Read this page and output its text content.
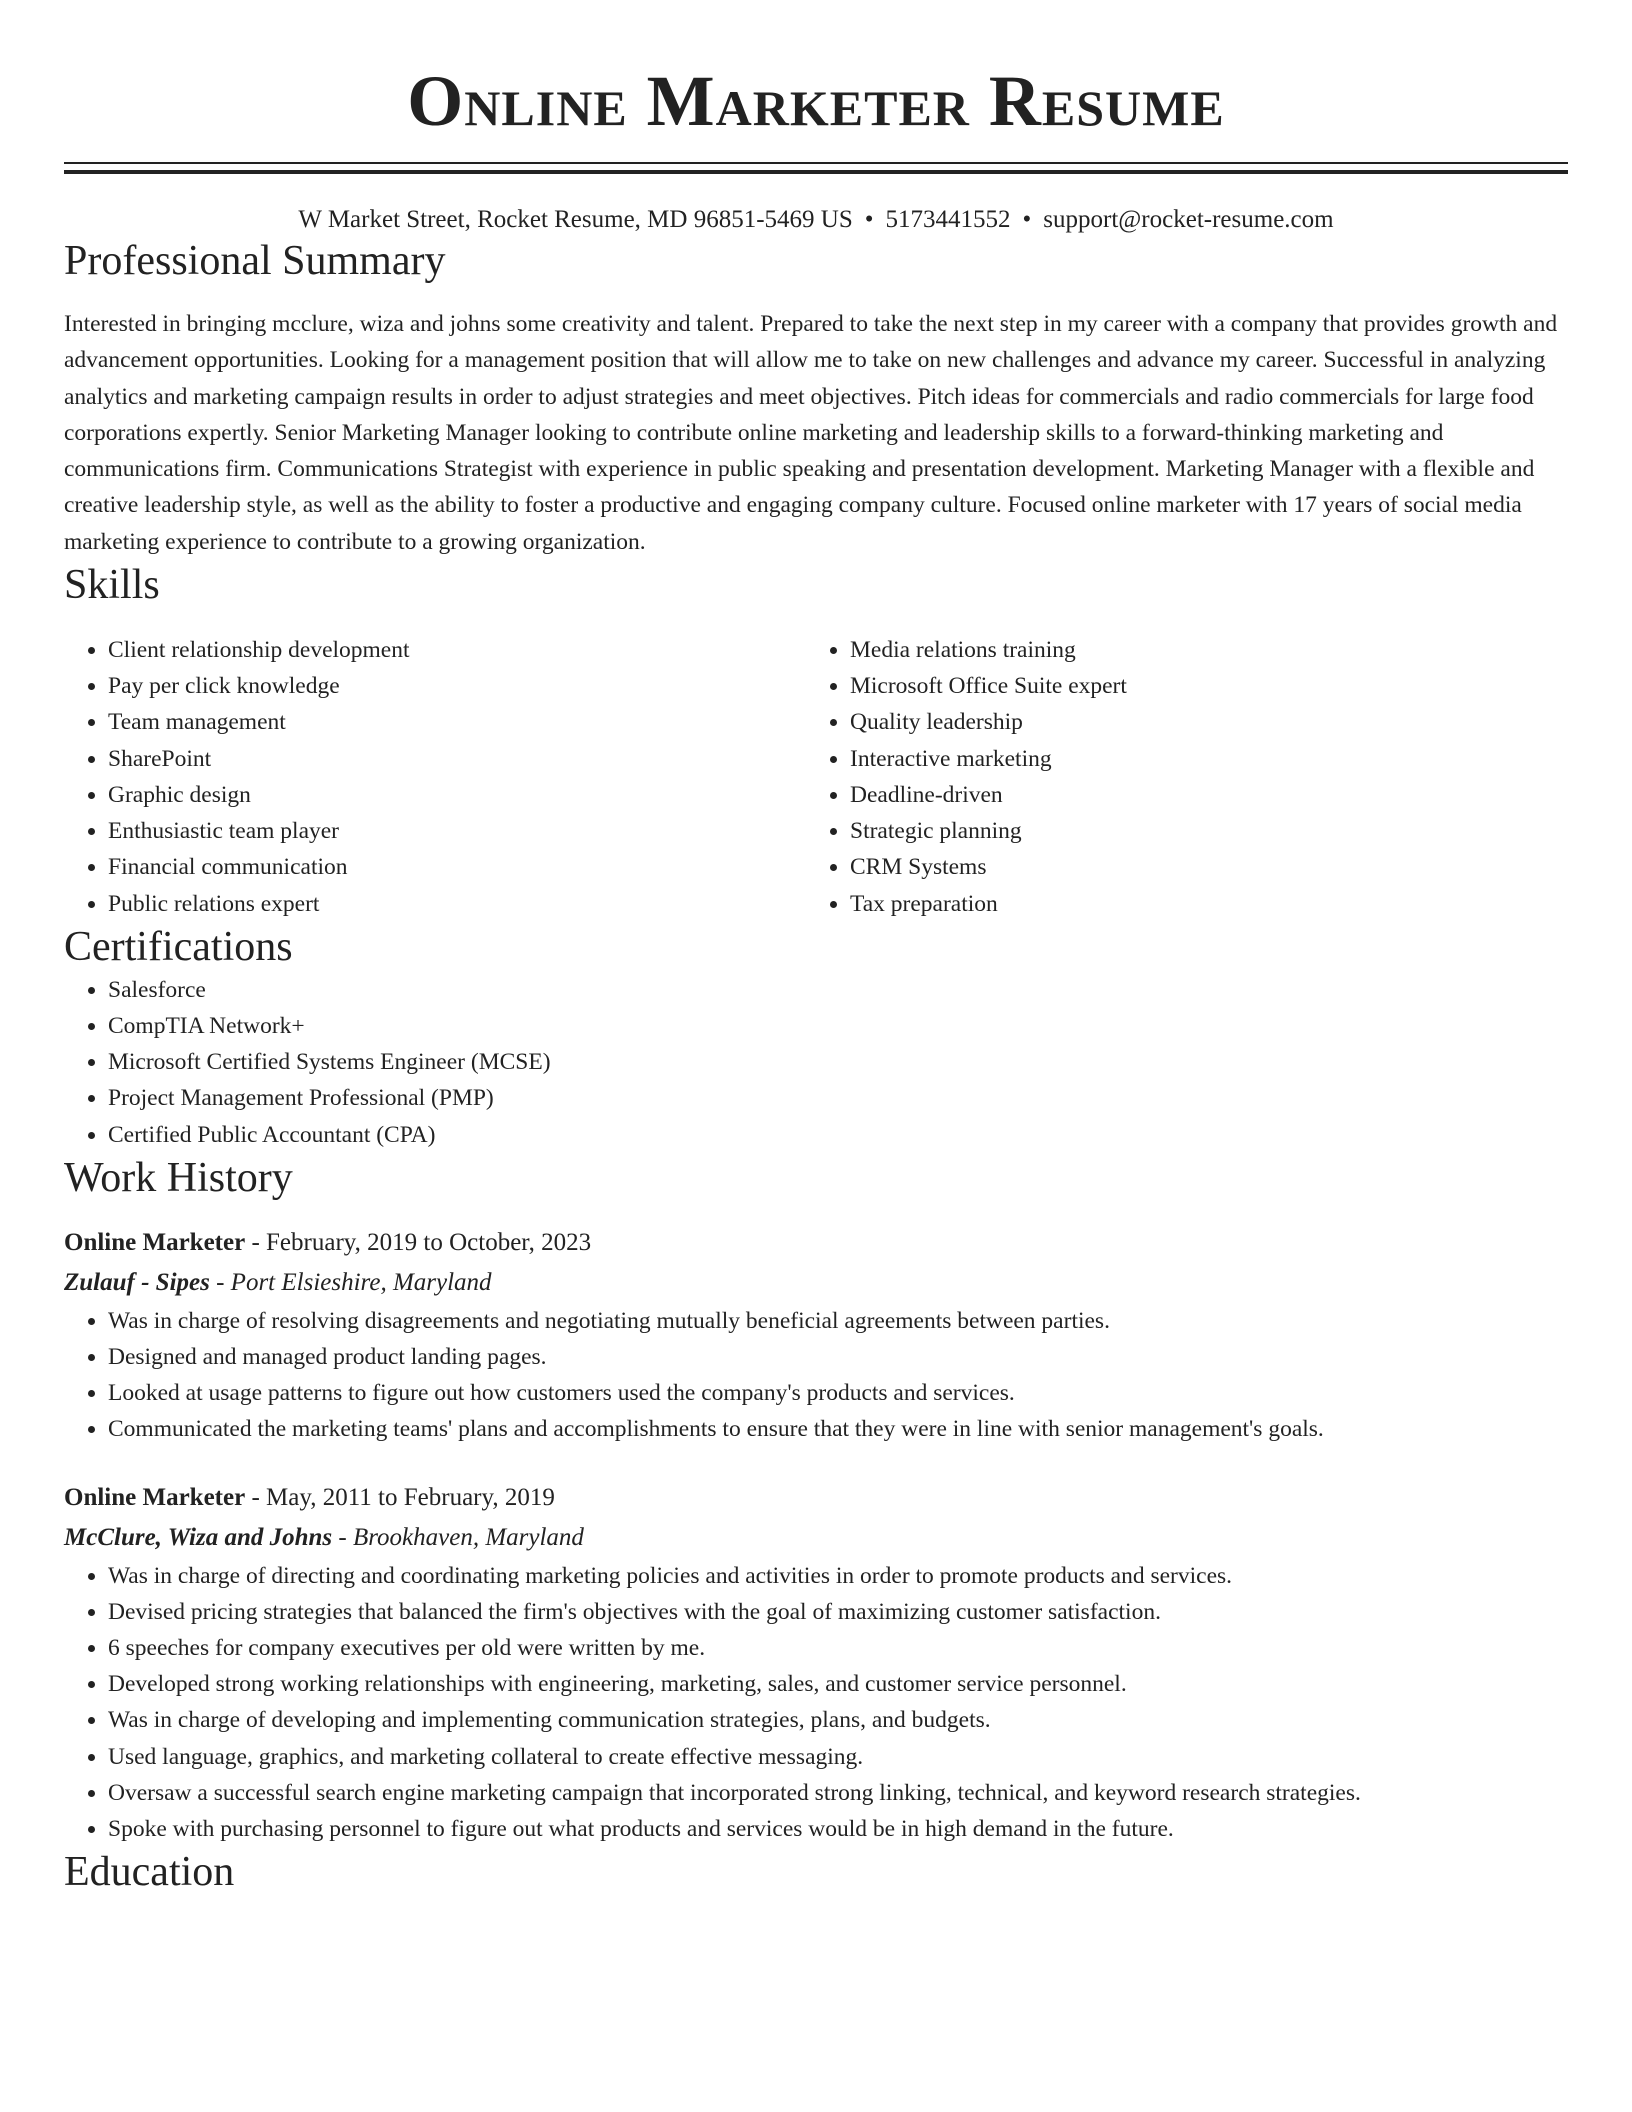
Online Marketer Resume
W Market Street, Rocket Resume, MD 96851-5469 US • 5173441552 • support@rocket-resume.com
Professional Summary
Interested in bringing mcclure, wiza and johns some creativity and talent. Prepared to take the next step in my career with a company that provides growth and advancement opportunities. Looking for a management position that will allow me to take on new challenges and advance my career. Successful in analyzing analytics and marketing campaign results in order to adjust strategies and meet objectives. Pitch ideas for commercials and radio commercials for large food corporations expertly. Senior Marketing Manager looking to contribute online marketing and leadership skills to a forward-thinking marketing and communications firm. Communications Strategist with experience in public speaking and presentation development. Marketing Manager with a flexible and creative leadership style, as well as the ability to foster a productive and engaging company culture. Focused online marketer with 17 years of social media marketing experience to contribute to a growing organization.
Skills
• Client relationship development
• Pay per click knowledge
• Team management
• SharePoint
• Graphic design
• Enthusiastic team player
• Financial communication
• Public relations expert
• Media relations training
• Microsoft Office Suite expert
• Quality leadership
• Interactive marketing
• Deadline-driven
• Strategic planning
• CRM Systems
• Tax preparation
Certifications
• Salesforce
• CompTIA Network+
• Microsoft Certified Systems Engineer (MCSE)
• Project Management Professional (PMP)
• Certified Public Accountant (CPA)
Work History
Online Marketer - February, 2019 to October, 2023
Zulauf - Sipes - Port Elsieshire, Maryland
• Was in charge of resolving disagreements and negotiating mutually beneficial agreements between parties.
• Designed and managed product landing pages.
• Looked at usage patterns to figure out how customers used the company's products and services.
• Communicated the marketing teams' plans and accomplishments to ensure that they were in line with senior management's goals.
Online Marketer - May, 2011 to February, 2019
McClure, Wiza and Johns - Brookhaven, Maryland
• Was in charge of directing and coordinating marketing policies and activities in order to promote products and services.
• Devised pricing strategies that balanced the firm's objectives with the goal of maximizing customer satisfaction.
• 6 speeches for company executives per old were written by me.
• Developed strong working relationships with engineering, marketing, sales, and customer service personnel.
• Was in charge of developing and implementing communication strategies, plans, and budgets.
• Used language, graphics, and marketing collateral to create effective messaging.
• Oversaw a successful search engine marketing campaign that incorporated strong linking, technical, and keyword research strategies.
• Spoke with purchasing personnel to figure out what products and services would be in high demand in the future.
Education
